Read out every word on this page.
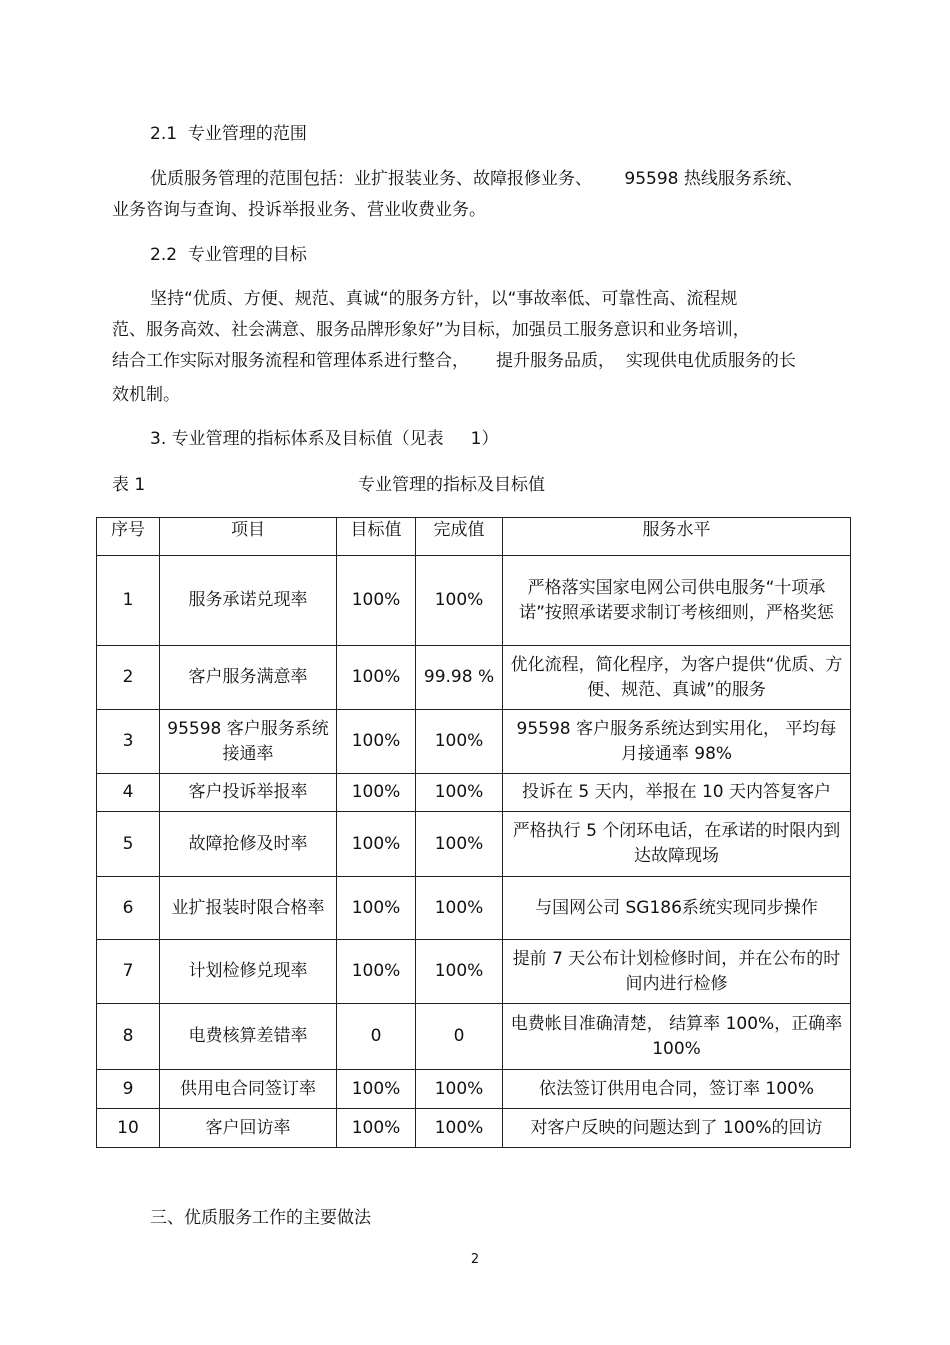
2.1  专业管理的范围
优质服务管理的范围包括：业扩报装业务、故障报修业务、      95598 热线服务系统、
业务咨询与查询、投诉举报业务、营业收费业务。
2.2  专业管理的目标
坚持“优质、方便、规范、真诚“的服务方针，以“事故率低、可靠性高、流程规
范、服务高效、社会满意、服务品牌形象好”为目标，加强员工服务意识和业务培训，
结合工作实际对服务流程和管理体系进行整合，     提升服务品质，  实现供电优质服务的长
效机制。
3. 专业管理的指标体系及目标值（见表     1）
表 1	专业管理的指标及目标值
序号	项目	目标值	完成值	服务水平
1	服务承诺兑现率	100%	100%	严格落实国家电网公司供电服务“十项承诺”按照承诺要求制订考核细则，严格奖惩
2	客户服务满意率	100%	99.98 %	优化流程，简化程序，为客户提供“优质、方便、规范、真诚”的服务
3	95598 客户服务系统接通率	100%	100%	95598 客户服务系统达到实用化， 平均每月接通率 98%
4	客户投诉举报率	100%	100%	投诉在 5 天内，举报在 10 天内答复客户
5	故障抢修及时率	100%	100%	严格执行 5 个闭环电话，在承诺的时限内到达故障现场
6	业扩报装时限合格率	100%	100%	与国网公司 SG186系统实现同步操作
7	计划检修兑现率	100%	100%	提前 7 天公布计划检修时间，并在公布的时间内进行检修
8	电费核算差错率	0	0	电费帐目准确清楚， 结算率 100%，正确率 100%
9	供用电合同签订率	100%	100%	依法签订供用电合同，签订率 100%
10	客户回访率	100%	100%	对客户反映的问题达到了 100%的回访
三、优质服务工作的主要做法
2
